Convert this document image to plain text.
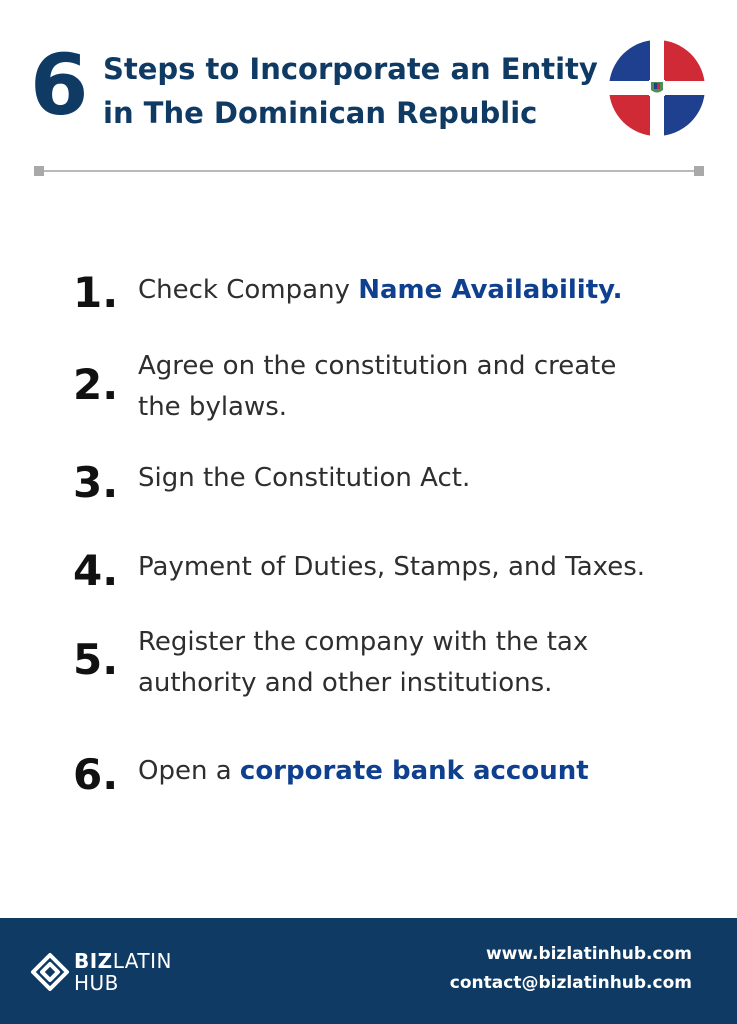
6 Steps to Incorporate an Entity
in The Dominican Republic
1. Check Company Name Availability.
2. Agree on the constitution and create the bylaws.
3. Sign the Constitution Act.
4. Payment of Duties, Stamps, and Taxes.
5. Register the company with the tax authority and other institutions.
6. Open a corporate bank account
BIZLATIN
HUB
www.bizlatinhub.com
contact@bizlatinhub.com
